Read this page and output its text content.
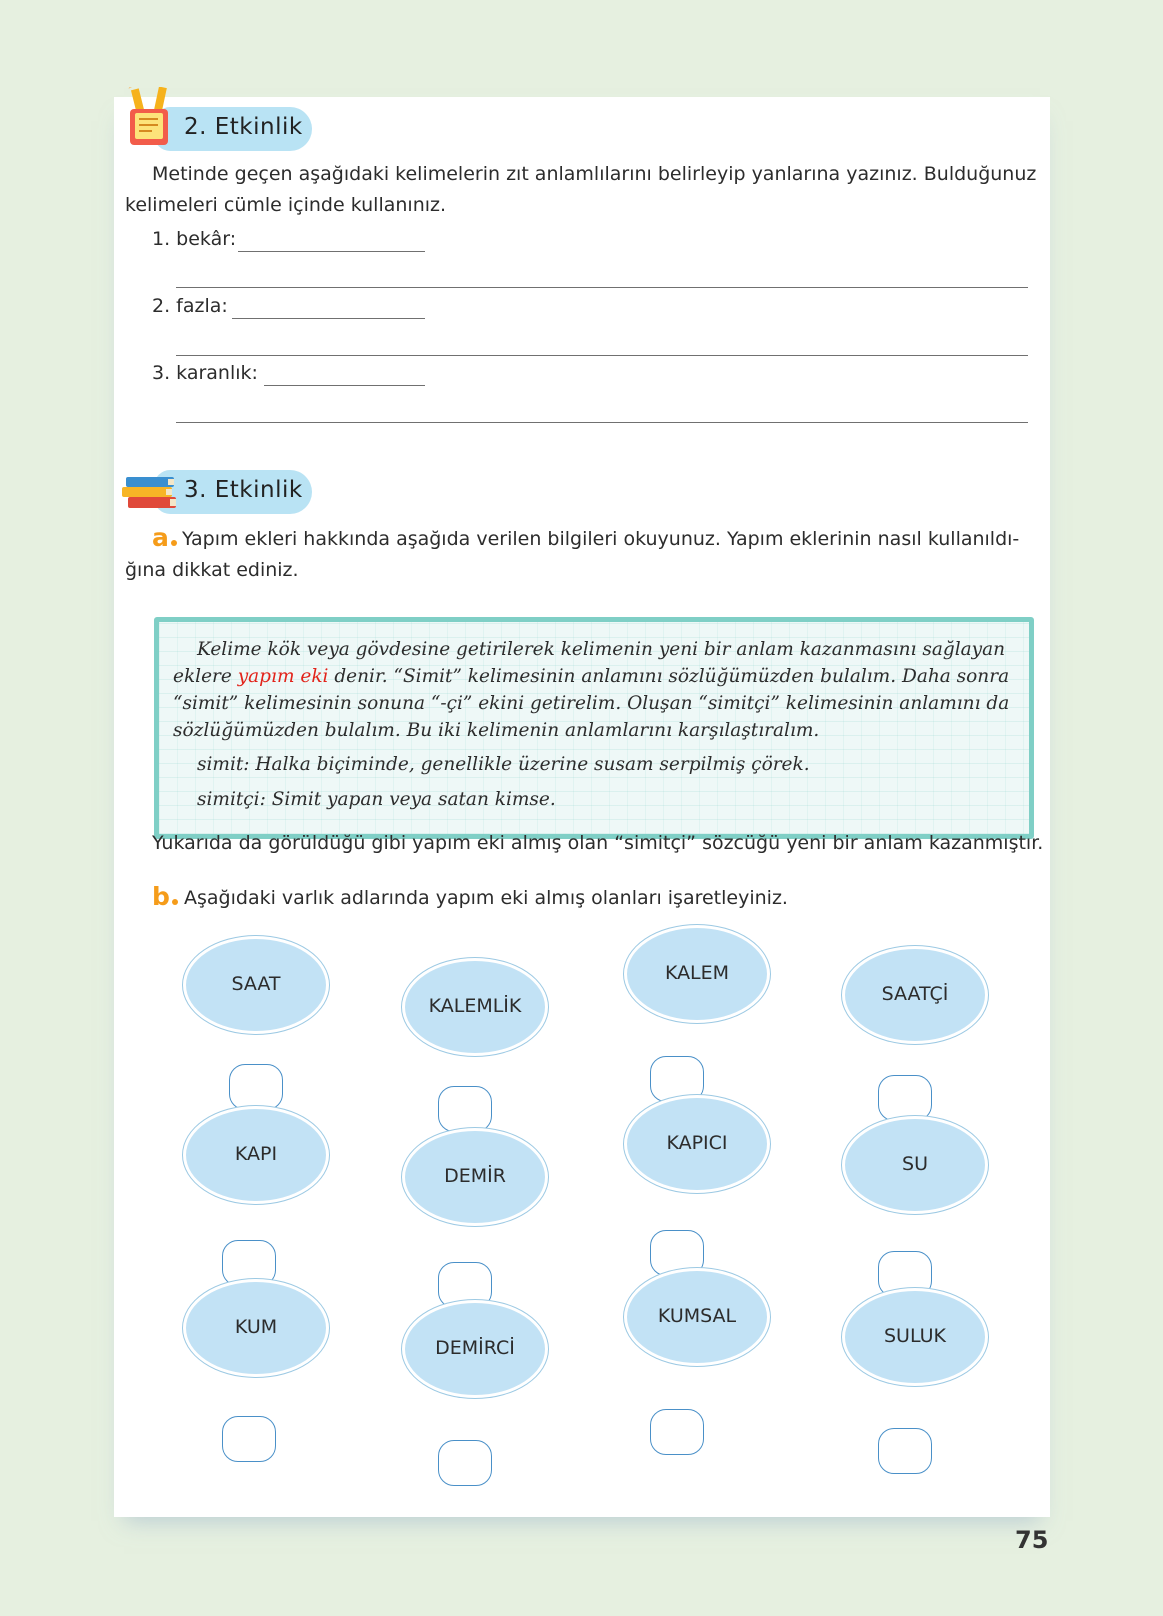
2. Etkinlik
Metinde geçen aşağıdaki kelimelerin zıt anlamlılarını belirleyip yanlarına yazınız. Bulduğunuz
kelimeleri cümle içinde kullanınız.
1. bekâr:
2. fazla:
3. karanlık:
3. Etkinlik
a Yapım ekleri hakkında aşağıda verilen bilgileri okuyunuz. Yapım eklerinin nasıl kullanıldı-
ğına dikkat ediniz.
Kelime kök veya gövdesine getirilerek kelimenin yeni bir anlam kazanmasını sağlayan
eklere yapım eki denir. “Simit” kelimesinin anlamını sözlüğümüzden bulalım. Daha sonra
“simit” kelimesinin sonuna “-çi” ekini getirelim. Oluşan “simitçi” kelimesinin anlamını da
sözlüğümüzden bulalım. Bu iki kelimenin anlamlarını karşılaştıralım.
simit: Halka biçiminde, genellikle üzerine susam serpilmiş çörek.
simitçi: Simit yapan veya satan kimse.
Yukarıda da görüldüğü gibi yapım eki almış olan “simitçi” sözcüğü yeni bir anlam kazanmıştır.
b Aşağıdaki varlık adlarında yapım eki almış olanları işaretleyiniz.
SAAT
KALEMLİK
KALEM
SAATÇİ
KAPI
DEMİR
KAPICI
SU
KUM
DEMİRCİ
KUMSAL
SULUK
75
